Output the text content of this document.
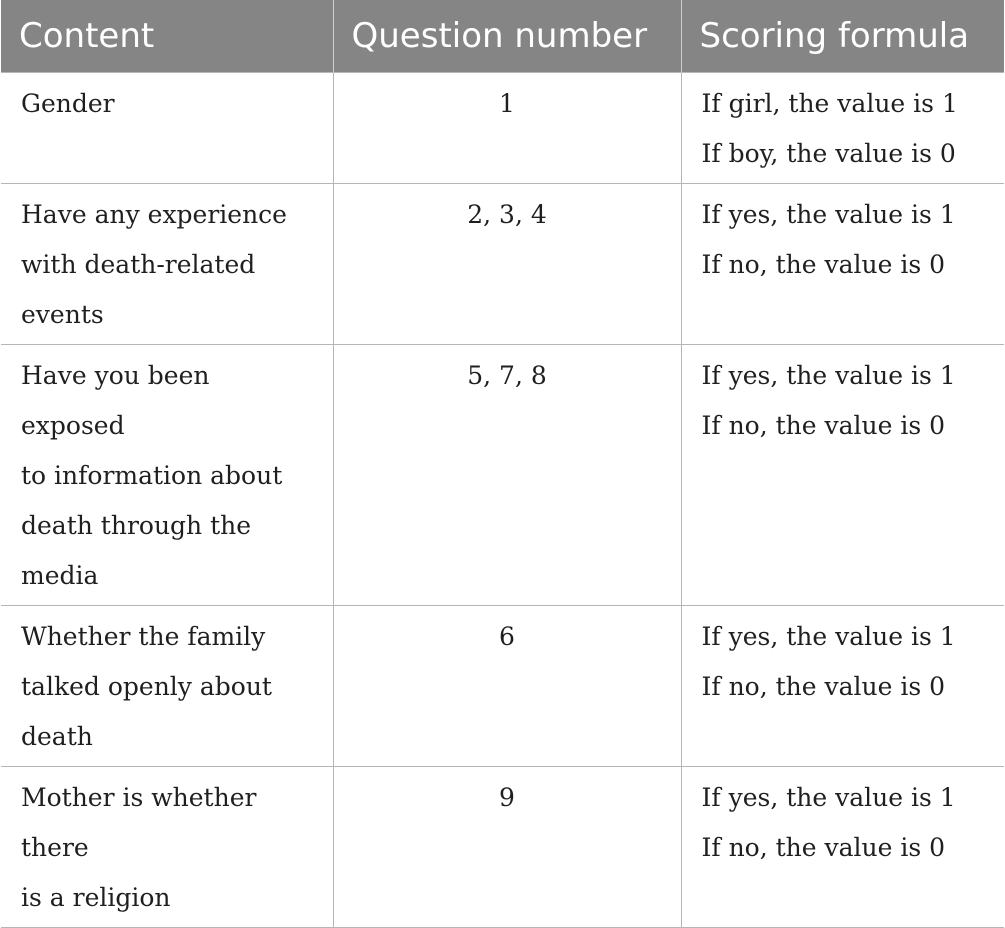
Content	Question number	Scoring formula

Gender	1	If girl, the value is 1
If boy, the value is 0

Have any experience
with death-related
events	2, 3, 4	If yes, the value is 1
If no, the value is 0

Have you been exposed
to information about
death through the media	5, 7, 8	If yes, the value is 1
If no, the value is 0

Whether the family
talked openly about
death	6	If yes, the value is 1
If no, the value is 0

Mother is whether there
is a religion	9	If yes, the value is 1
If no, the value is 0
